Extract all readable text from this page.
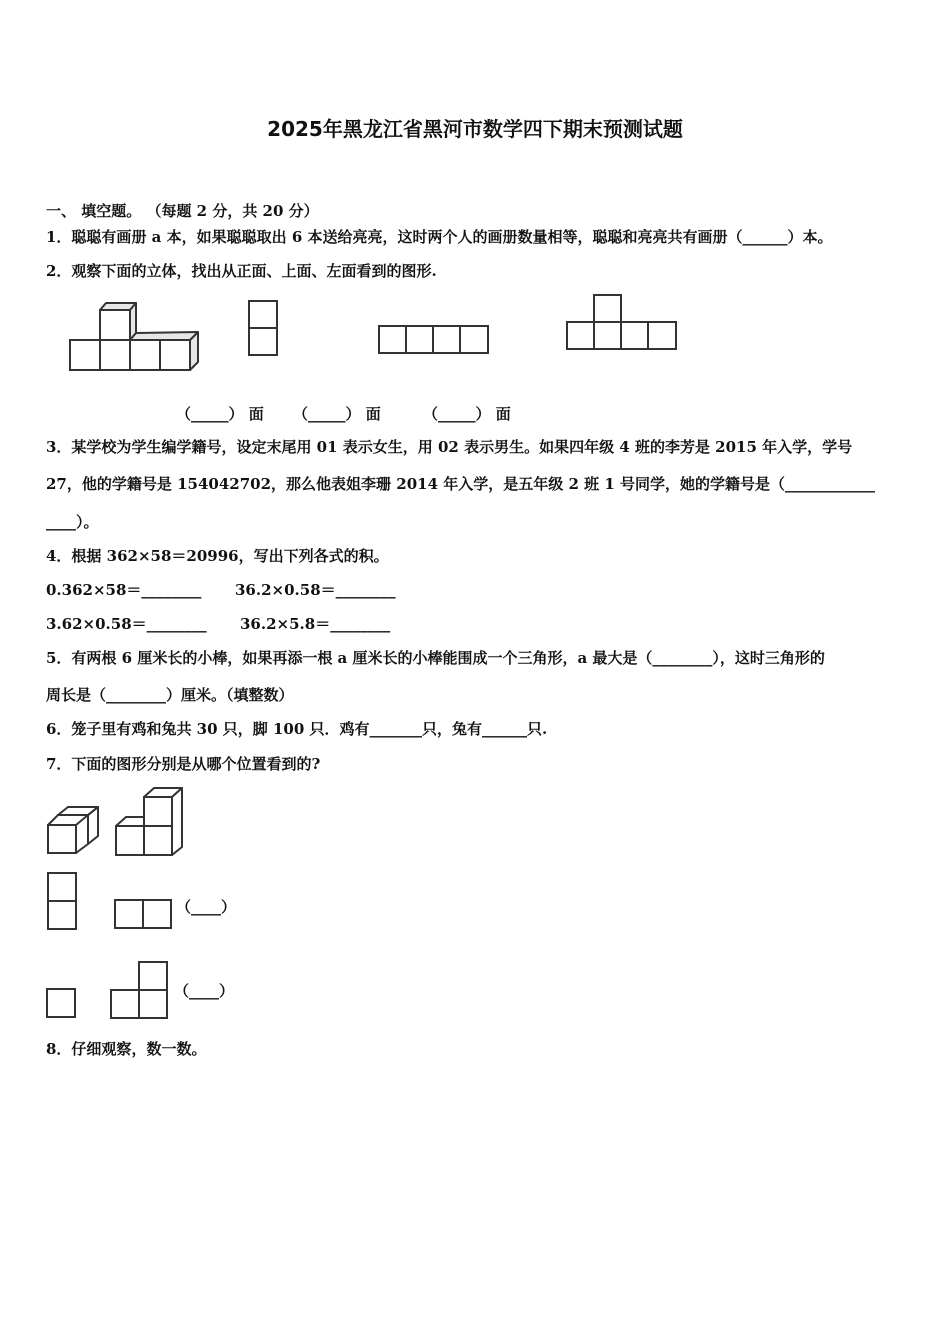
2025年黑龙江省黑河市数学四下期末预测试题
一、 填空题。 （每题 2 分，共 20 分）
1．聪聪有画册 a 本，如果聪聪取出 6 本送给亮亮，这时两个人的画册数量相等，聪聪和亮亮共有画册（______）本。
2．观察下面的立体，找出从正面、上面、左面看到的图形.
（_____） 面 （_____） 面	（_____） 面
3．某学校为学生编学籍号，设定末尾用 01 表示女生，用 02 表示男生。如果四年级 4 班的李芳是 2015 年入学，学号
27，他的学籍号是 154042702，那么他表姐李珊 2014 年入学，是五年级 2 班 1 号同学，她的学籍号是（____________
____）。
4．根据 362×58＝20996，写出下列各式的积。
0.362×58＝________ 36.2×0.58＝________
3.62×0.58＝________ 36.2×5.8＝________
5．有两根 6 厘米长的小棒，如果再添一根 a 厘米长的小棒能围成一个三角形，a 最大是（________），这时三角形的
周长是（________）厘米。（填整数）
6．笼子里有鸡和兔共 30 只，脚 100 只．鸡有_______只，兔有______只.
7．下面的图形分别是从哪个位置看到的?
（____）
（____）
8．仔细观察，数一数。
